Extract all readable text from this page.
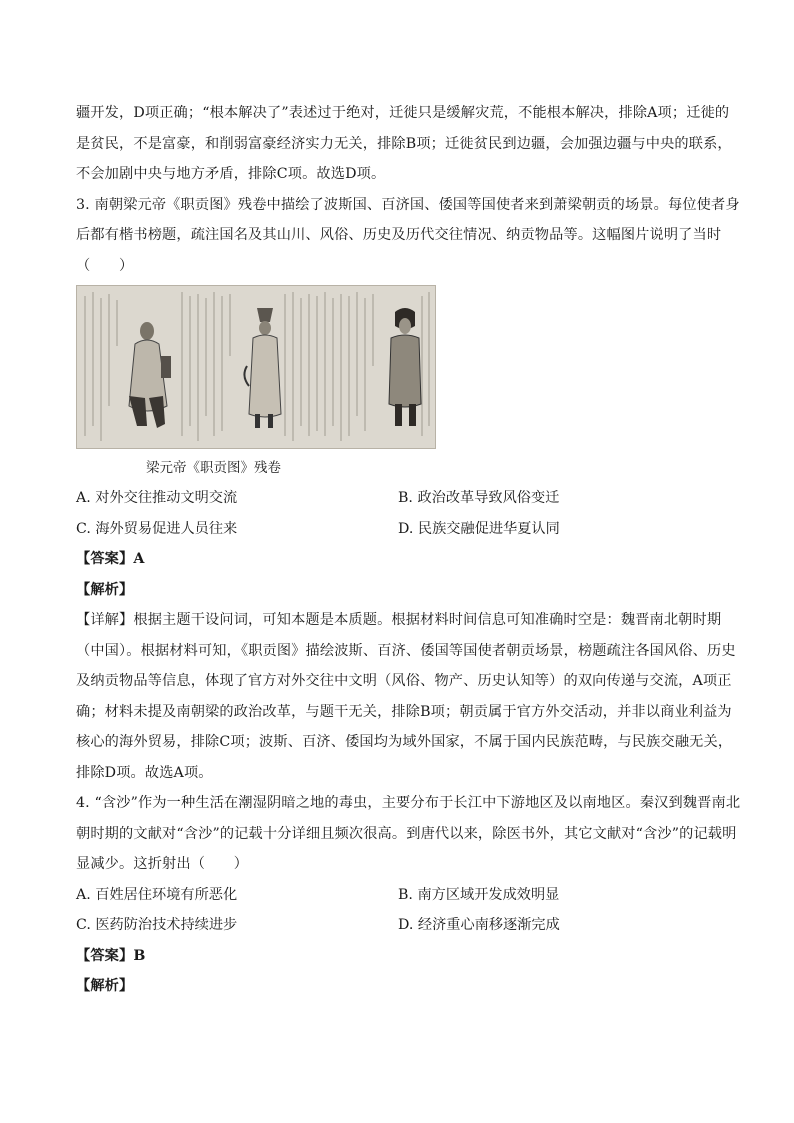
疆开发，D项正确；“根本解决了”表述过于绝对，迁徙只是缓解灾荒，不能根本解决，排除A项；迁徙的
是贫民，不是富豪，和削弱富豪经济实力无关，排除B项；迁徙贫民到边疆，会加强边疆与中央的联系，
不会加剧中央与地方矛盾，排除C项。故选D项。
3. 南朝梁元帝《职贡图》残卷中描绘了波斯国、百济国、倭国等国使者来到萧梁朝贡的场景。每位使者身
后都有楷书榜题，疏注国名及其山川、风俗、历史及历代交往情况、纳贡物品等。这幅图片说明了当时
（　　）
梁元帝《职贡图》残卷
A. 对外交往推动文明交流	B. 政治改革导致风俗变迁
C. 海外贸易促进人员往来	D. 民族交融促进华夏认同
【答案】A
【解析】
【详解】根据主题干设问词，可知本题是本质题。根据材料时间信息可知准确时空是：魏晋南北朝时期
（中国）。根据材料可知，《职贡图》描绘波斯、百济、倭国等国使者朝贡场景，榜题疏注各国风俗、历史
及纳贡物品等信息，体现了官方对外交往中文明（风俗、物产、历史认知等）的双向传递与交流，A项正
确；材料未提及南朝梁的政治改革，与题干无关，排除B项；朝贡属于官方外交活动，并非以商业利益为
核心的海外贸易，排除C项；波斯、百济、倭国均为域外国家，不属于国内民族范畴，与民族交融无关，
排除D项。故选A项。
4. “含沙”作为一种生活在潮湿阴暗之地的毒虫，主要分布于长江中下游地区及以南地区。秦汉到魏晋南北
朝时期的文献对“含沙”的记载十分详细且频次很高。到唐代以来，除医书外，其它文献对“含沙”的记载明
显减少。这折射出（　　）
A. 百姓居住环境有所恶化	B. 南方区域开发成效明显
C. 医药防治技术持续进步	D. 经济重心南移逐渐完成
【答案】B
【解析】
